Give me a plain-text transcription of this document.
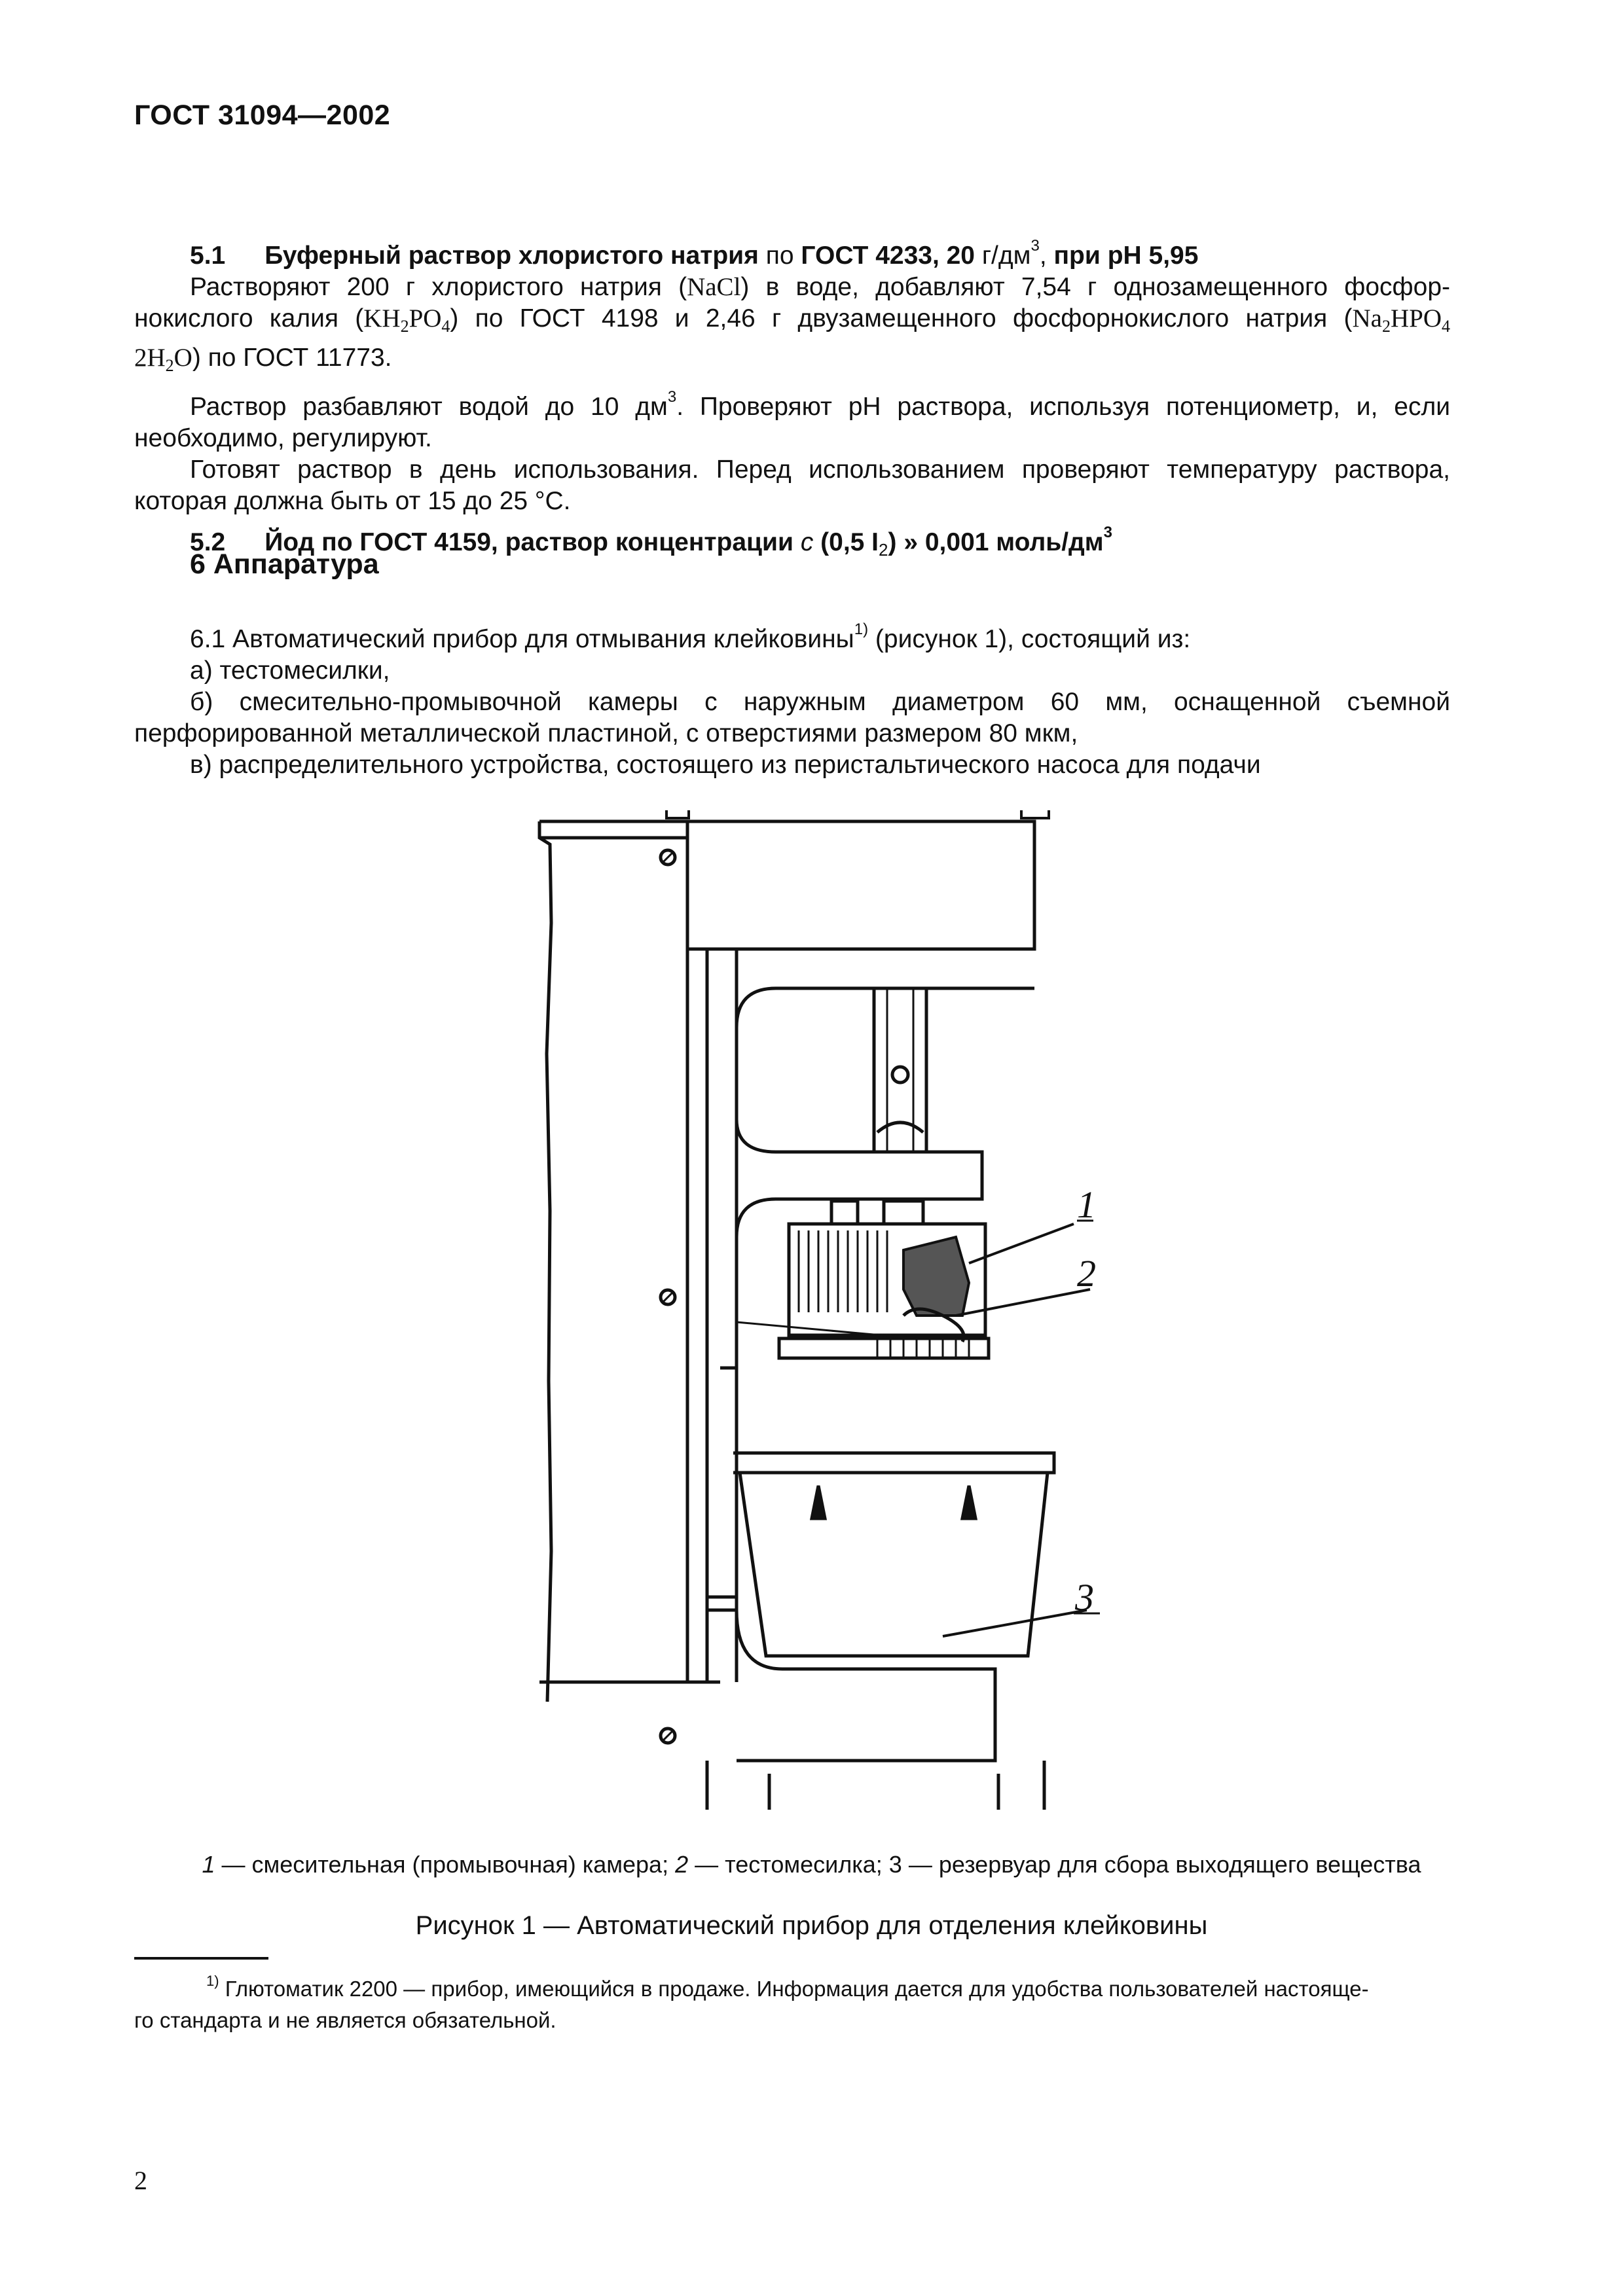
ГОСТ 31094—2002

5.1 Буферный раствор хлористого натрия по ГОСТ 4233, 20 $г/дм^3$, при рН 5,95

Растворяют 200 г хлористого натрия (NaCl) в воде, добавляют 7,54 г однозамещенного фосфор-

нокислого калия $(KH_2PO_4)$ по ГОСТ 4198 и 2,46 г двузамещенного фосфорнокислого натрия ($Na_2HPO_4$

$2H_2O$) по ГОСТ 11773.

Раствор разбавляют водой до 10 $дм^3$. Проверяют рН раствора, используя потенциометр, и, если

необходимо, регулируют.

Готовят раствор в день использования. Перед использованием проверяют температуру раствора,

которая должна быть от 15 до 25 °С.

5.2 Йод по ГОСТ 4159, раствор концентрации с (0,5 $I_2$) » 0,001 моль/$дм^3$

6 Аппаратура

6.1 Автоматический прибор для отмывания клейковины$^{1)}$ (рисунок 1), состоящий из:

а) тестомесилки,

б) смесительно-промывочной камеры с наружным диаметром 60 мм, оснащенной съемной

перфорированной металлической пластиной, с отверстиями размером 80 мкм,

в) распределительного устройства, состоящего из перистальтического насоса для подачи

1
2
3
1 — смесительная (промывочная) камера; 2 — тестомесилка; 3 — резервуар для сбора выходящего вещества
Рисунок 1 — Автоматический прибор для отделения клейковины
$^{1)}$ Глютоматик 2200 — прибор, имеющийся в продаже. Информация дается для удобства пользователей настояще-
го стандарта и не является обязательной.
2
